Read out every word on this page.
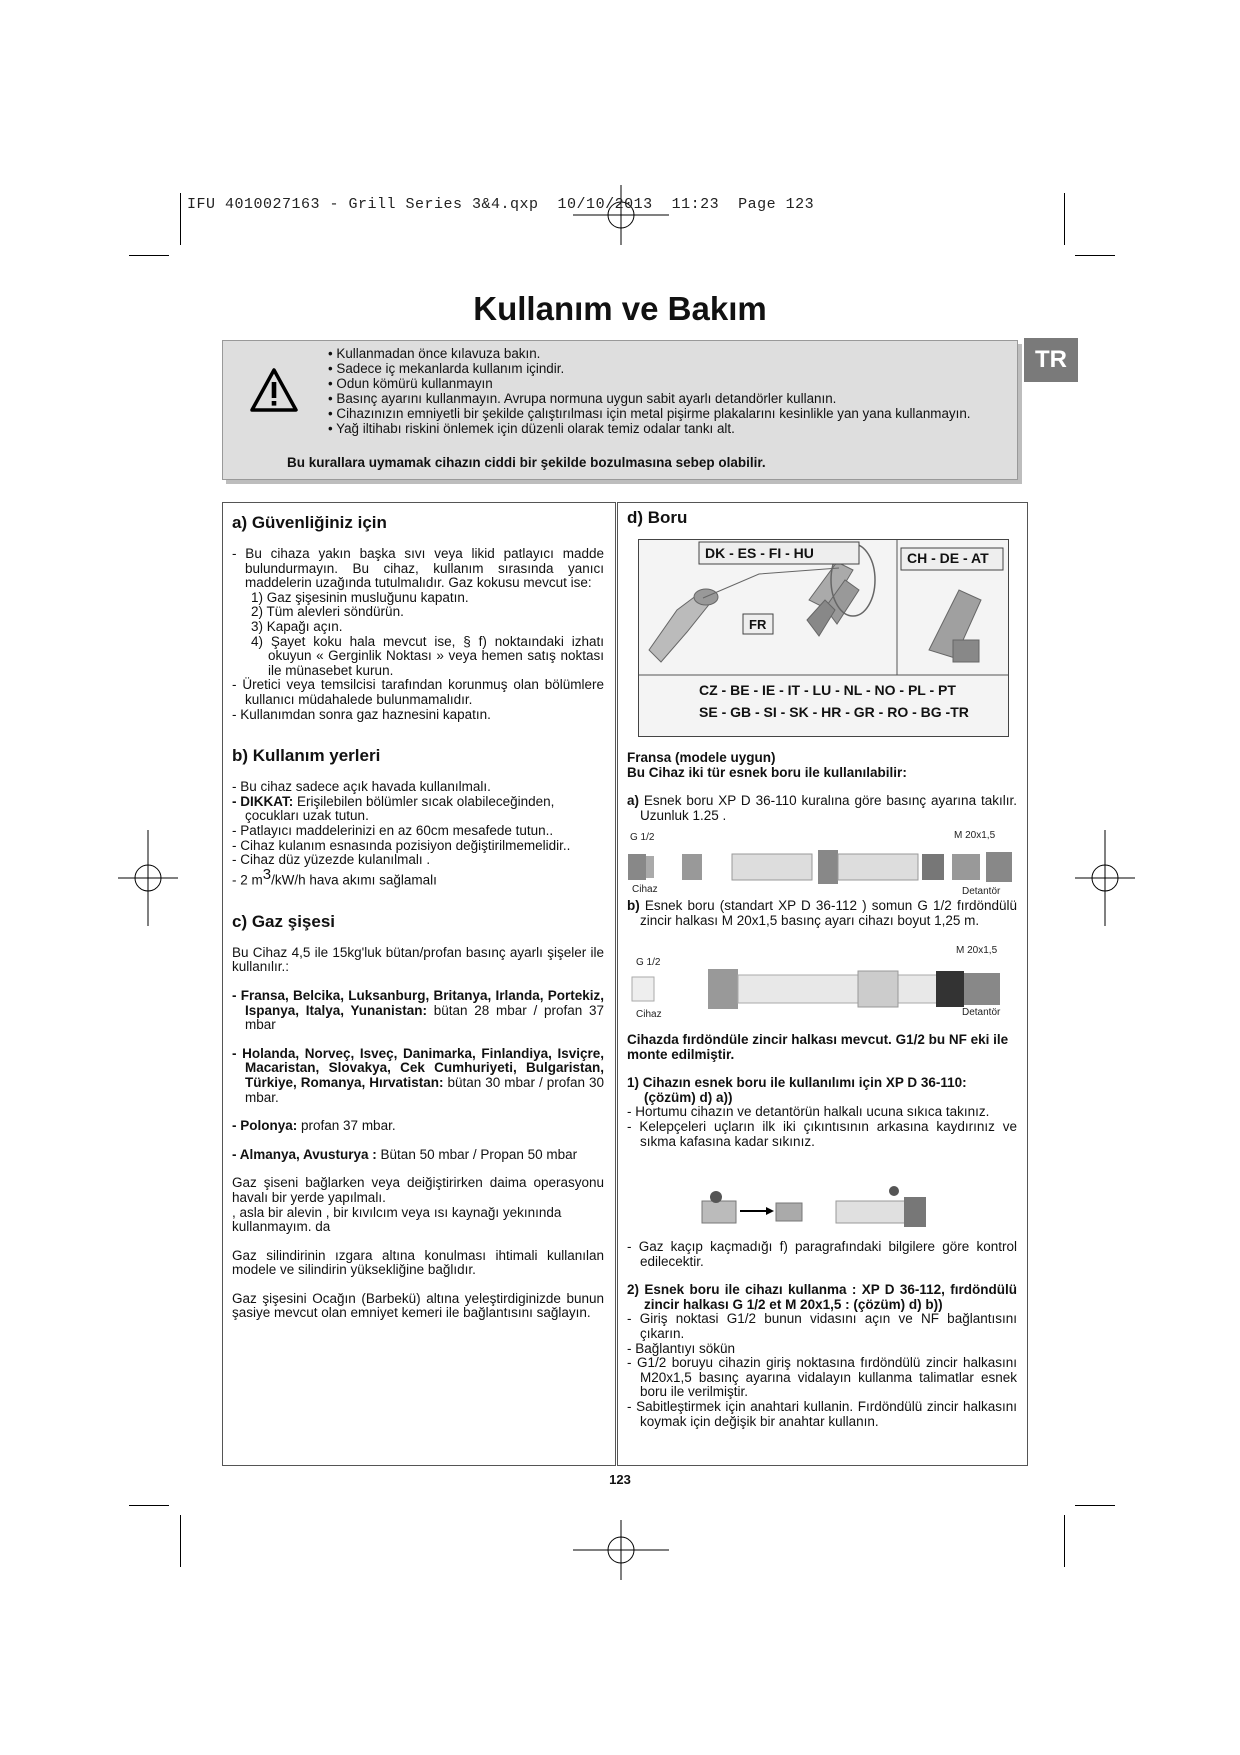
IFU 4010027163 - Grill Series 3&4.qxp  10/10/2013  11:23  Page 123
Kullanım ve Bakım
TR
• Kullanmadan önce kılavuza bakın.
• Sadece iç mekanlarda kullanım içindir.
• Odun kömürü kullanmayın
• Basınç ayarını kullanmayın. Avrupa normuna uygun sabit ayarlı detandörler kullanın.
• Cihazınızın emniyetli bir şekilde çalıştırılması için metal pişirme plakalarını kesinlikle yan yana kullanmayın.
• Yağ iltihabı riskini önlemek için düzenli olarak temiz odalar tankı alt.
Bu kurallara uymamak cihazın ciddi bir şekilde bozulmasına sebep olabilir.
a) Güvenliğiniz için

- Bu cihaza yakın başka sıvı veya likid patlayıcı madde bulundurmayın. Bu cihaz, kullanım sırasında yanıcı maddelerin uzağında tutulmalıdır. Gaz kokusu mevcut ise:

1) Gaz şişesinin musluğunu kapatın.

2) Tüm alevleri söndürün.

3) Kapağı açın.

4) Şayet koku hala mevcut ise, § f) noktaındaki izhatı okuyun « Gerginlik Noktası » veya hemen satış noktası ile münasebet kurun.

- Üretici veya temsilcisi tarafından korunmuş olan bölümlere kullanıcı müdahalede bulunmamalıdır.

- Kullanımdan sonra gaz haznesini kapatın.

b) Kullanım yerleri

- Bu cihaz sadece açık havada kullanılmalı.

- DIKKAT: Erişilebilen bölümler sıcak olabileceğinden, çocukları uzak tutun.

- Patlayıcı maddelerinizi en az 60cm mesafede tutun..

- Cihaz kulanım esnasında pozisiyon değiştirilmemelidir..

- Cihaz düz yüzezde kulanılmalı .

- 2 $m^3/kW/h$ hava akımı sağlamalı

c) Gaz şişesi

Bu Cihaz 4,5 ile 15kg'luk bütan/profan basınç ayarlı şişeler ile kullanılır.:

- Fransa, Belcika, Luksanburg, Britanya, Irlanda, Portekiz, Ispanya, Italya, Yunanistan: bütan 28 mbar / profan 37 mbar

- Holanda, Norveç, Isveç, Danimarka, Finlandiya, Isviçre, Macaristan, Slovakya, Cek Cumhuriyeti, Bulgaristan, Türkiye, Romanya, Hırvatistan: bütan 30 mbar / profan 30 mbar.

- Polonya: profan 37 mbar.

- Almanya, Avusturya : Bütan 50 mbar / Propan 50 mbar

Gaz şiseni bağlarken veya deiğiştirirken daima operasyonu havalı bir yerde yapılmalı.

, asla bir alevin , bir kıvılcım veya ısı kaynağı yekınında kullanmayım. da

Gaz silindirinin ızgara altına konulması ihtimali kullanılan modele ve silindirin yüksekliğine bağlıdır.

Gaz şişesini Ocağın (Barbekü) altına yeleştirdiginizde bunun şasiye mevcut olan emniyet kemeri ile bağlantısını sağlayın.

d) Boru
DK - ES - FI - HU	CH - DE - AT
FR
CZ - BE - IE - IT - LU - NL - NO - PL - PT
SE - GB - SI - SK - HR - GR - RO - BG -TR

Fransa (modele uygun)

Bu Cihaz iki tür esnek boru ile kullanılabilir:

a) Esnek boru XP D 36-110 kuralına göre basınç ayarına takılır. Uzunluk 1.25 .

G 1/2	M 20x1,5
Cihaz	Detantör

b) Esnek boru (standart XP D 36-112 ) somun G 1/2 fırdöndülü zincir halkası M 20x1,5 basınç ayarı cihazı boyut 1,25 m.

G 1/2
M 20x1,5
Cihaz	Detantör

Cihazda fırdöndüle zincir halkası mevcut. G1/2 bu NF eki ile monte edilmiştir.

1) Cihazın esnek boru ile kullanılımı için XP D 36-110: (çözüm) d) a))

- Hortumu cihazın ve detantörün halkalı ucuna sıkıca takınız.

- Kelepçeleri uçların ilk iki çıkıntısının arkasına kaydırınız ve sıkma kafasına kadar sıkınız.

- Gaz kaçıp kaçmadığı f) paragrafındaki bilgilere göre kontrol edilecektir.

2) Esnek boru ile cihazı kullanma : XP D 36-112, fırdöndülü zincir halkası G 1/2 et M 20x1,5 : (çözüm) d) b))

- Giriş noktasi G1/2 bunun vidasını açın ve NF bağlantısını çıkarın.

- Bağlantıyı sökün

- G1/2 boruyu cihazin giriş noktasına fırdöndülü zincir halkasını M20x1,5 basınç ayarına vidalayın kullanma talimatlar esnek boru ile verilmiştir.

- Sabitleştirmek için anahtari kullanin. Fırdöndülü zincir halkasını koymak için değişik bir anahtar kullanın.

123
